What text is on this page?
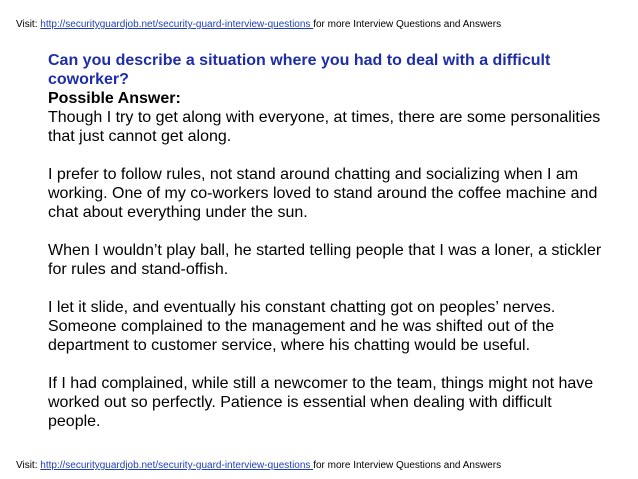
Visit: http://securityguardjob.net/security-guard-interview-questions for more Interview Questions and Answers

Can you describe a situation where you had to deal with a difficult coworker?

Possible Answer:

Though I try to get along with everyone, at times, there are some personalities that just cannot get along.

I prefer to follow rules, not stand around chatting and socializing when I am working. One of my co-workers loved to stand around the coffee machine and chat about everything under the sun.

When I wouldn’t play ball, he started telling people that I was a loner, a stickler for rules and stand-offish.

I let it slide, and eventually his constant chatting got on peoples’ nerves. Someone complained to the management and he was shifted out of the department to customer service, where his chatting would be useful.

If I had complained, while still a newcomer to the team, things might not have worked out so perfectly. Patience is essential when dealing with difficult people.

Visit: http://securityguardjob.net/security-guard-interview-questions for more Interview Questions and Answers
